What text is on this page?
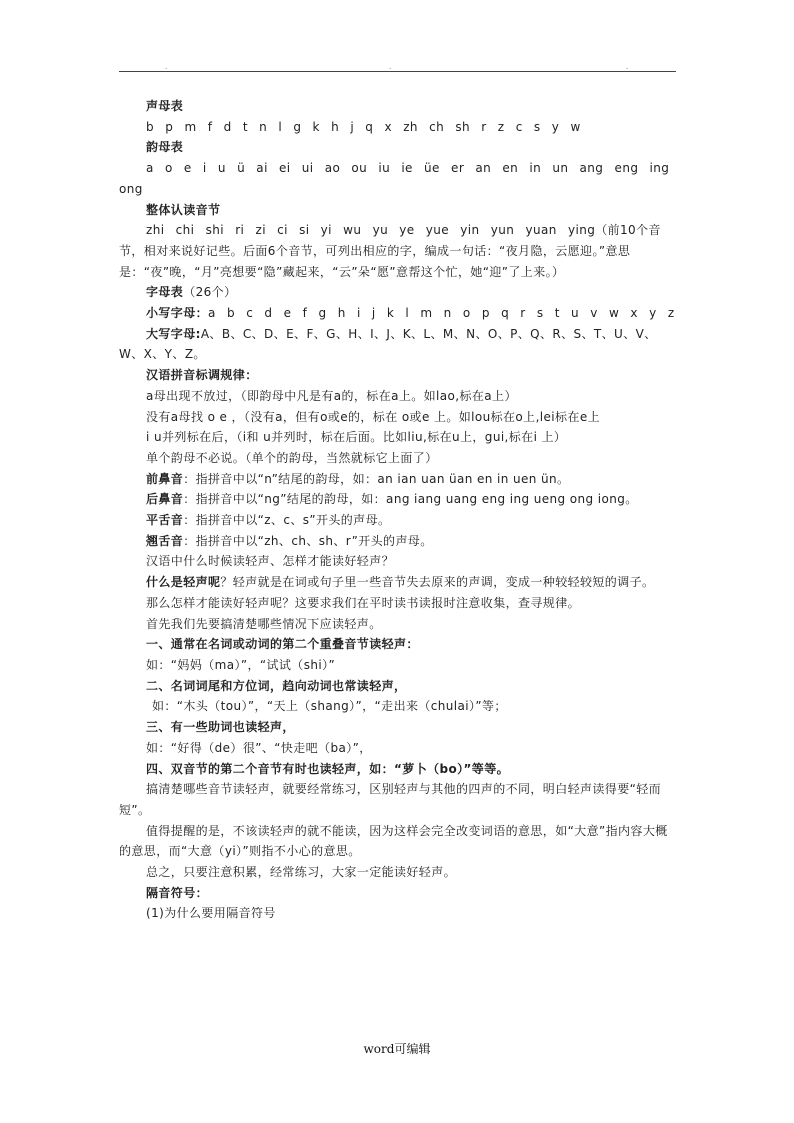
.	.	.

声母表

b p m f d t n l g k h j q x zh ch sh r z c s y w

韵母表

a o e i u ü ai ei ui ao ou iu ie üe er an en in un ang eng ing ong

整体认读音节

zhi chi shi ri zi ci si yi wu yu ye yue yin yun yuan ying（前10个音节，相对来说好记些。后面6个音节，可列出相应的字，编成一句话：“夜月隐，云愿迎。”意思是：“夜”晚，“月”亮想要“隐”藏起来，“云”朵“愿”意帮这个忙，她“迎”了上来。）

字母表（26个）

小写字母：a b c d e f g h i j k l m n o p q r s t u v w x y z

大写字母:A、B、C、D、E、F、G、H、I、J、K、L、M、N、O、P、Q、R、S、T、U、V、W、X、Y、Z。

汉语拼音标调规律：

a母出现不放过，（即韵母中凡是有a的，标在a上。如lao,标在a上）

没有a母找 o e ，（没有a，但有o或e的，标在 o或e 上。如lou标在o上,lei标在e上

i u并列标在后，（i和 u并列时，标在后面。比如liu,标在u上，gui,标在i 上）

单个韵母不必说。（单个的韵母，当然就标它上面了）

前鼻音：指拼音中以“n”结尾的韵母，如：an ian uan üan en in uen ün。

后鼻音：指拼音中以“ng”结尾的韵母，如：ang iang uang eng ing ueng ong iong。

平舌音：指拼音中以“z、c、s”开头的声母。

翘舌音：指拼音中以“zh、ch、sh、r”开头的声母。

汉语中什么时候读轻声、怎样才能读好轻声？

什么是轻声呢？轻声就是在词或句子里一些音节失去原来的声调，变成一种较轻较短的调子。

那么怎样才能读好轻声呢？这要求我们在平时读书读报时注意收集，查寻规律。

首先我们先要搞清楚哪些情况下应读轻声。

一、通常在名词或动词的第二个重叠音节读轻声：

如：“妈妈（ma）”，“试试（shi）”

二、名词词尾和方位词，趋向动词也常读轻声，

如：“木头（tou）”，“天上（shang）”，“走出来（chulai）”等；

三、有一些助词也读轻声，

如：“好得（de）很”、“快走吧（ba）”，

四、双音节的第二个音节有时也读轻声，如：“萝卜（bo）”等等。

搞清楚哪些音节读轻声，就要经常练习，区别轻声与其他的四声的不同，明白轻声读得要“轻而短”。

值得提醒的是，不该读轻声的就不能读，因为这样会完全改变词语的意思，如“大意”指内容大概的意思，而“大意（yi）”则指不小心的意思。

总之，只要注意积累，经常练习，大家一定能读好轻声。

隔音符号：

(1)为什么要用隔音符号

word可编辑
